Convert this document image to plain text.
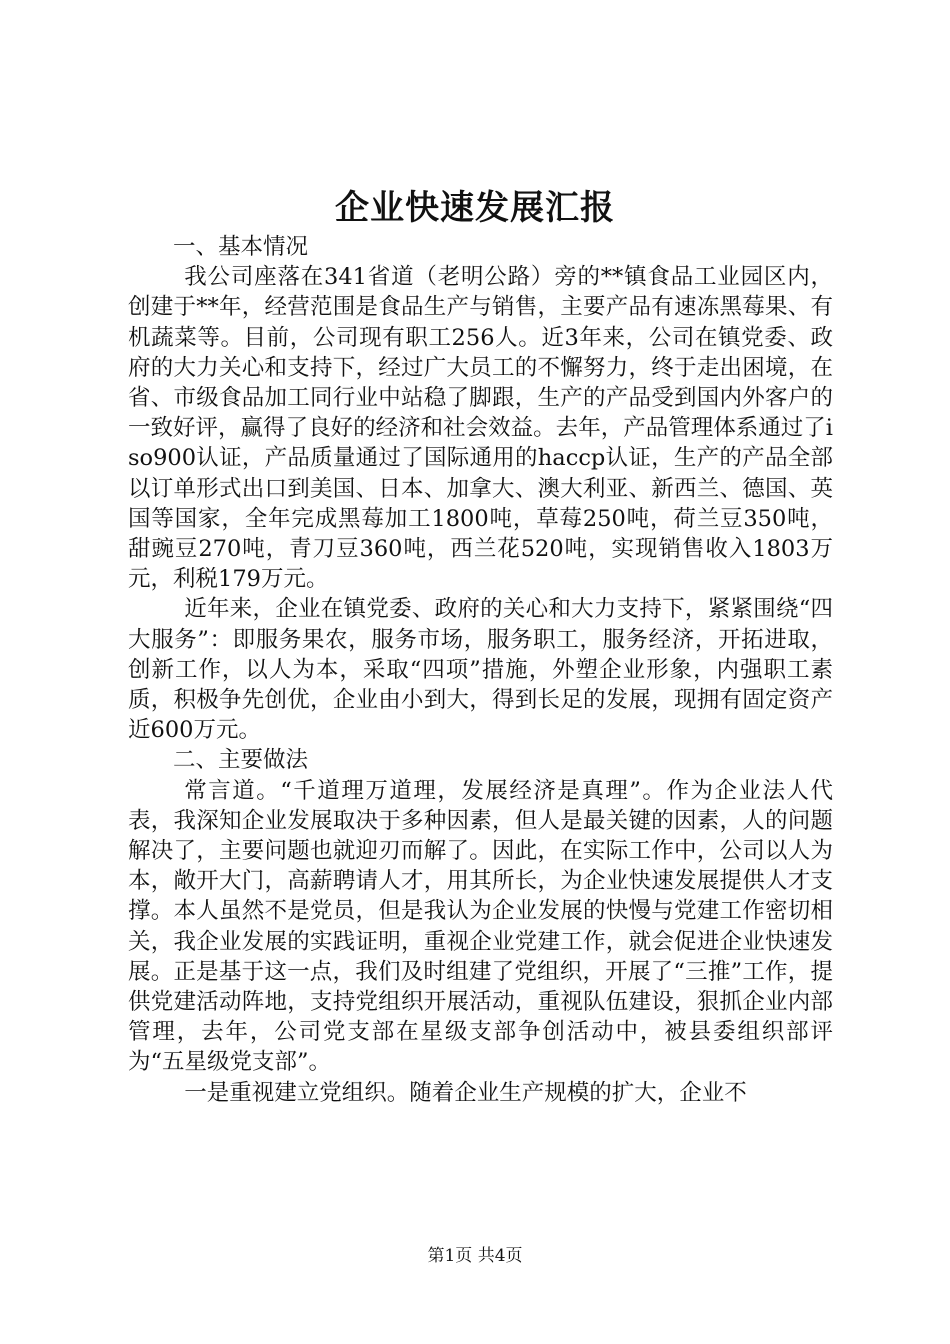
企业快速发展汇报

一、基本情况

我公司座落在341省道（老明公路）旁的**镇食品工业园区内，创建于**年，经营范围是食品生产与销售，主要产品有速冻黑莓果、有机蔬菜等。目前，公司现有职工256人。近3年来，公司在镇党委、政府的大力关心和支持下，经过广大员工的不懈努力，终于走出困境，在省、市级食品加工同行业中站稳了脚跟，生产的产品受到国内外客户的一致好评，赢得了良好的经济和社会效益。去年，产品管理体系通过了iso900认证，产品质量通过了国际通用的haccp认证，生产的产品全部以订单形式出口到美国、日本、加拿大、澳大利亚、新西兰、德国、英国等国家，全年完成黑莓加工1800吨，草莓250吨，荷兰豆350吨，甜豌豆270吨，青刀豆360吨，西兰花520吨，实现销售收入1803万元，利税179万元。

近年来，企业在镇党委、政府的关心和大力支持下，紧紧围绕“四大服务”：即服务果农，服务市场，服务职工，服务经济，开拓进取，创新工作，以人为本，采取“四项”措施，外塑企业形象，内强职工素质，积极争先创优，企业由小到大，得到长足的发展，现拥有固定资产近600万元。

二、主要做法

常言道。“千道理万道理，发展经济是真理”。作为企业法人代表，我深知企业发展取决于多种因素，但人是最关键的因素，人的问题解决了，主要问题也就迎刃而解了。因此，在实际工作中，公司以人为本，敞开大门，高薪聘请人才，用其所长，为企业快速发展提供人才支撑。本人虽然不是党员，但是我认为企业发展的快慢与党建工作密切相关，我企业发展的实践证明，重视企业党建工作，就会促进企业快速发展。正是基于这一点，我们及时组建了党组织，开展了“三推”工作，提供党建活动阵地，支持党组织开展活动，重视队伍建设，狠抓企业内部管理，去年，公司党支部在星级支部争创活动中，被县委组织部评为“五星级党支部”。

一是重视建立党组织。随着企业生产规模的扩大，企业不

第1页 共4页
